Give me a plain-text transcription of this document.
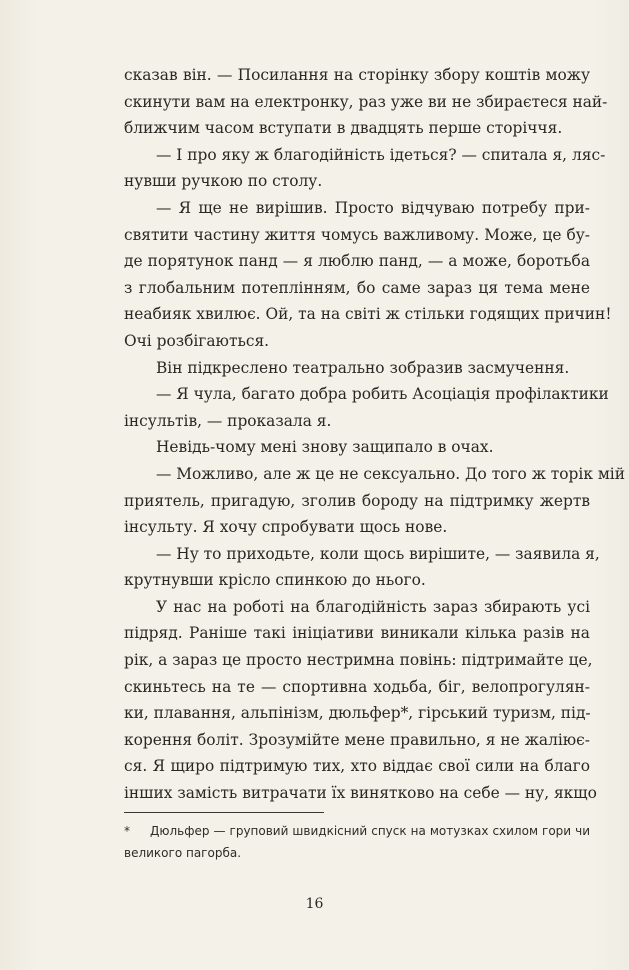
сказав він. — Посилання на сторінку збору коштів можу
скинути вам на електронку, раз уже ви не збираєтеся най-
ближчим часом вступати в двадцять перше сторіччя.
— І про яку ж благодійність ідеться? — спитала я, ляс-
нувши ручкою по столу.
— Я ще не вирішив. Просто відчуваю потребу при-
святити частину життя чомусь важливому. Може, це бу-
де порятунок панд — я люблю панд, — а може, боротьба
з глобальним потеплінням, бо саме зараз ця тема мене
неабияк хвилює. Ой, та на світі ж стільки годящих причин!
Очі розбігаються.
Він підкреслено театрально зобразив засмучення.
— Я чула, багато добра робить Асоціація профілактики
інсультів, — проказала я.
Невідь-чому мені знову защипало в очах.
— Можливо, але ж це не сексуально. До того ж торік мій
приятель, пригадую, зголив бороду на підтримку жертв
інсульту. Я хочу спробувати щось нове.
— Ну то приходьте, коли щось вирішите, — заявила я,
крутнувши крісло спинкою до нього.
У нас на роботі на благодійність зараз збирають усі
підряд. Раніше такі ініціативи виникали кілька разів на
рік, а зараз це просто нестримна повінь: підтримайте це,
скиньтесь на те — спортивна ходьба, біг, велопрогулян-
ки, плавання, альпінізм, дюльфер*, гірський туризм, під-
корення боліт. Зрозумійте мене правильно, я не жаліює-
ся. Я щиро підтримую тих, хто віддає свої сили на благо
інших замість витрачати їх винятково на себе — ну, якщо
* Дюльфер — груповий швидкісний спуск на мотузках схилом гори чи
великого пагорба.
16
